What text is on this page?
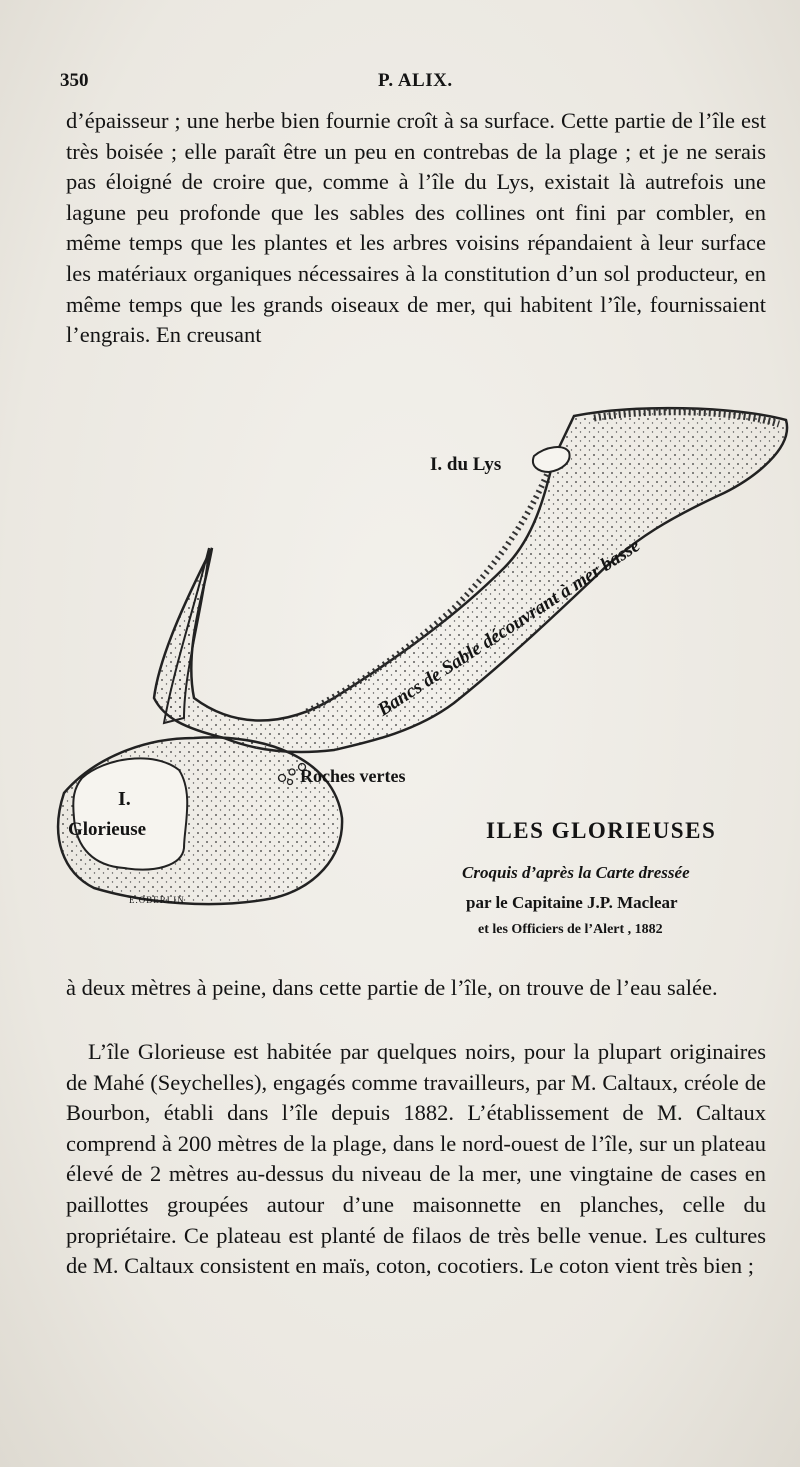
350	P. ALIX.

d’épaisseur ; une herbe bien fournie croît à sa surface. Cette partie de l’île est très boisée ; elle paraît être un peu en contrebas de la plage ; et je ne serais pas éloigné de croire que, comme à l’île du Lys, existait là autrefois une lagune peu profonde que les sables des collines ont fini par combler, en même temps que les plantes et les arbres voisins répandaient à leur surface les matériaux organiques nécessaires à la constitution d’un sol producteur, en même temps que les grands oiseaux de mer, qui habitent l’île, fournissaient l’engrais. En creusant

I. du Lys
Bancs de Sable découvrant à mer basse
Roches vertes
I.
Glorieuse
E.OBERLIN
ILES GLORIEUSES
Croquis d’après la Carte dressée
par le Capitaine J.P. Maclear
et les Officiers de l’Alert , 1882

à deux mètres à peine, dans cette partie de l’île, on trouve de l’eau salée.

L’île Glorieuse est habitée par quelques noirs, pour la plupart originaires de Mahé (Seychelles), engagés comme travailleurs, par M. Caltaux, créole de Bourbon, établi dans l’île depuis 1882. L’établissement de M. Caltaux comprend à 200 mètres de la plage, dans le nord-ouest de l’île, sur un plateau élevé de 2 mètres au-dessus du niveau de la mer, une vingtaine de cases en paillottes groupées autour d’une maisonnette en planches, celle du propriétaire. Ce plateau est planté de filaos de très belle venue. Les cultures de M. Caltaux consistent en maïs, coton, cocotiers. Le coton vient très bien ;
